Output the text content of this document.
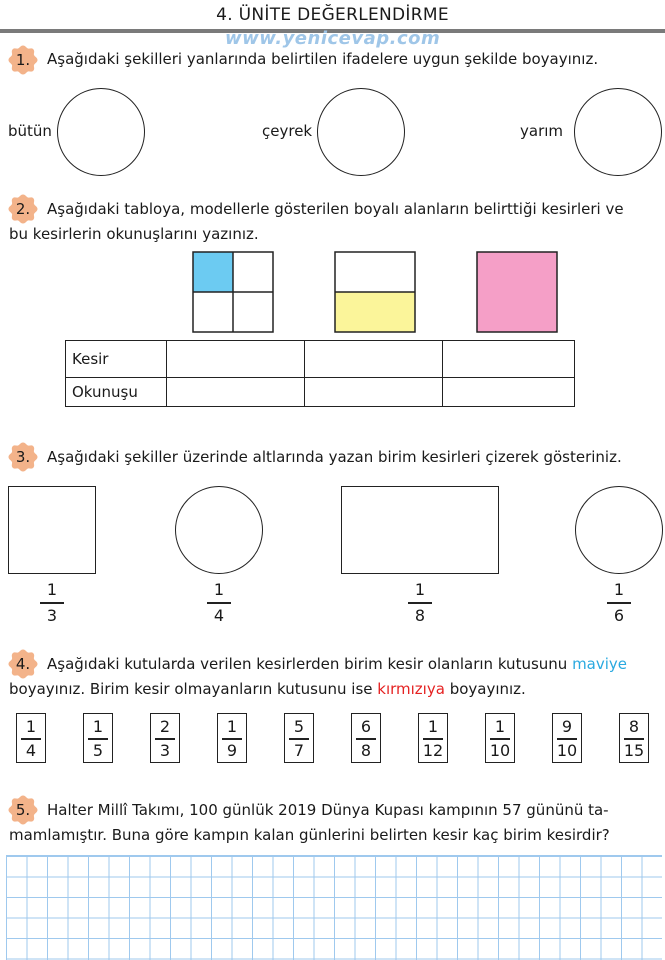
4. ÜNİTE DEĞERLENDİRME
www.yenicevap.com
1.	Aşağıdaki şekilleri yanlarında belirtilen ifadelere uygun şekilde boyayınız.
bütün	çeyrek	yarım
2.	Aşağıdaki tabloya, modellerle gösterilen boyalı alanların belirttiği kesirleri ve
bu kesirlerin okunuşlarını yazınız.
Kesir			
Okunuşu			
3.	Aşağıdaki şekiller üzerinde altlarında yazan birim kesirleri çizerek gösteriniz.
1
3
1
4
1
8
1
6
4.	Aşağıdaki kutularda verilen kesirlerden birim kesir olanların kutusunu maviye
boyayınız. Birim kesir olmayanların kutusunu ise kırmızıya boyayınız.
1
4
1
5
2
3
1
9
5
7
6
8
1
12
1
10
9
10
8
15
5.	Halter Millî Takımı, 100 günlük 2019 Dünya Kupası kampının 57 gününü ta-
mamlamıştır. Buna göre kampın kalan günlerini belirten kesir kaç birim kesirdir?
